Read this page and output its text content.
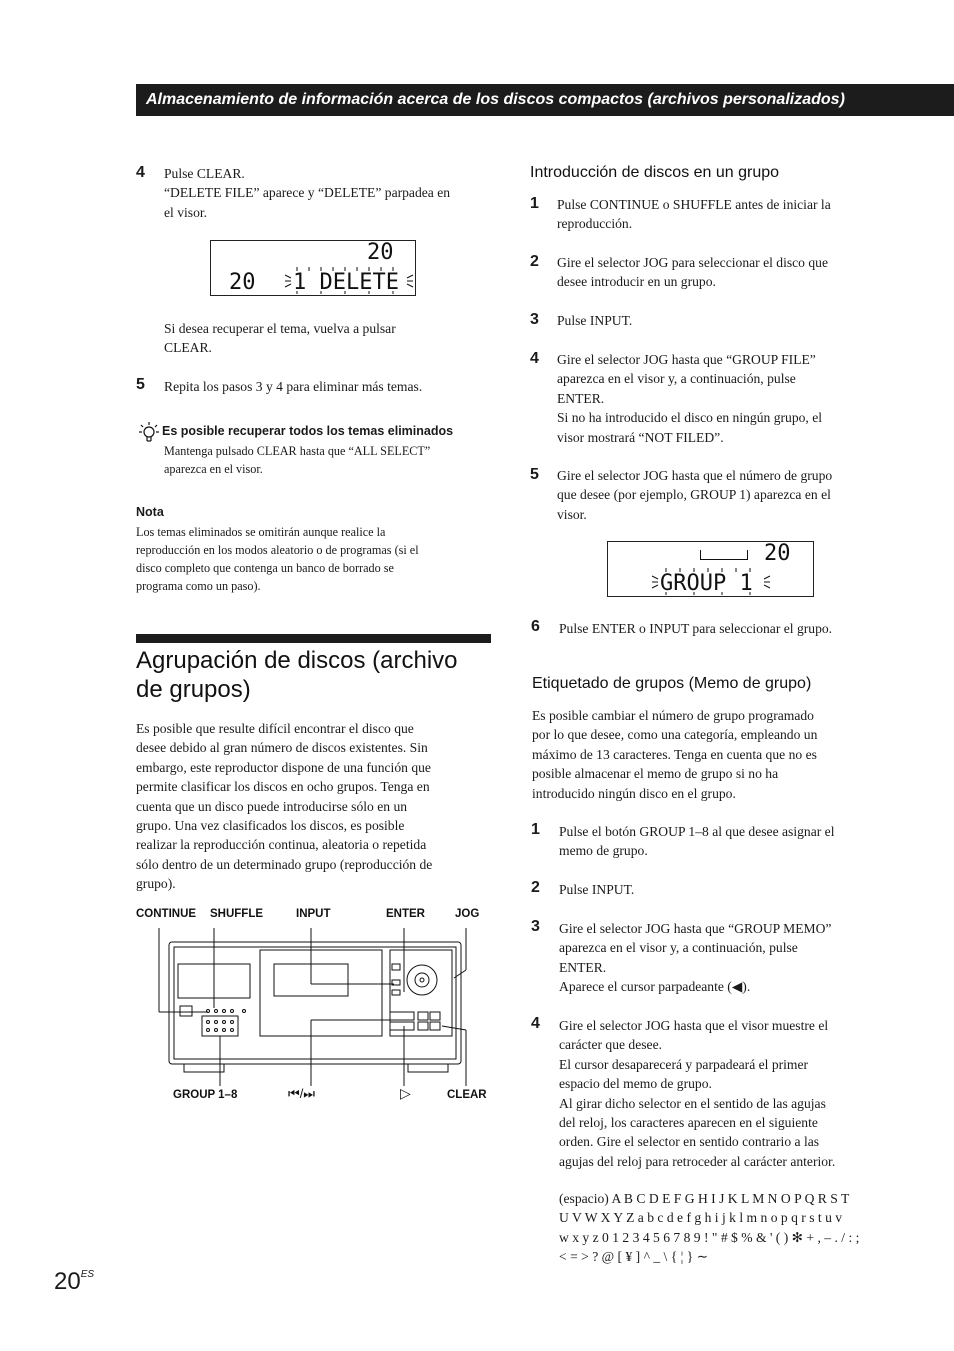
Almacenamiento de información acerca de los discos compactos (archivos personalizados)
4 Pulse CLEAR.
“DELETE FILE” aparece y “DELETE” parpadea en
el visor.
20
20 1 DELETE
Si desea recuperar el tema, vuelva a pulsar
CLEAR.
5 Repita los pasos 3 y 4 para eliminar más temas.
Es posible recuperar todos los temas eliminados
Mantenga pulsado CLEAR hasta que “ALL SELECT”
aparezca en el visor.
Nota
Los temas eliminados se omitirán aunque realice la
reproducción en los modos aleatorio o de programas (si el
disco completo que contenga un banco de borrado se
programa como un paso).
Agrupación de discos (archivo
de grupos)
Es posible que resulte difícil encontrar el disco que
desee debido al gran número de discos existentes. Sin
embargo, este reproductor dispone de una función que
permite clasificar los discos en ocho grupos. Tenga en
cuenta que un disco puede introducirse sólo en un
grupo. Una vez clasificados los discos, es posible
realizar la reproducción continua, aleatoria o repetida
sólo dentro de un determinado grupo (reproducción de
grupo).
CONTINUE SHUFFLE	INPUT	ENTER	JOG
GROUP 1–8	⏮/⏭	▷	CLEAR
Introducción de discos en un grupo
1 Pulse CONTINUE o SHUFFLE antes de iniciar la
reproducción.
2 Gire el selector JOG para seleccionar el disco que
desee introducir en un grupo.
3 Pulse INPUT.
4 Gire el selector JOG hasta que “GROUP FILE”
aparezca en el visor y, a continuación, pulse
ENTER.
Si no ha introducido el disco en ningún grupo, el
visor mostrará “NOT FILED”.
5 Gire el selector JOG hasta que el número de grupo
que desee (por ejemplo, GROUP 1) aparezca en el
visor.
20
GROUP 1
6 Pulse ENTER o INPUT para seleccionar el grupo.
Etiquetado de grupos (Memo de grupo)
Es posible cambiar el número de grupo programado
por lo que desee, como una categoría, empleando un
máximo de 13 caracteres. Tenga en cuenta que no es
posible almacenar el memo de grupo si no ha
introducido ningún disco en el grupo.
1 Pulse el botón GROUP 1–8 al que desee asignar el
memo de grupo.
2 Pulse INPUT.
3 Gire el selector JOG hasta que “GROUP MEMO”
aparezca en el visor y, a continuación, pulse
ENTER.
Aparece el cursor parpadeante (◀).
4 Gire el selector JOG hasta que el visor muestre el
carácter que desee.
El cursor desaparecerá y parpadeará el primer
espacio del memo de grupo.
Al girar dicho selector en el sentido de las agujas
del reloj, los caracteres aparecen en el siguiente
orden. Gire el selector en sentido contrario a las
agujas del reloj para retroceder al carácter anterior.
(espacio) A B C D E F G H I J K L M N O P Q R S T
U V W X Y Z a b c d e f g h i j k l m n o p q r s t u v
w x y z 0 1 2 3 4 5 6 7 8 9 ! " # $ % & ' ( ) ✻ + , – . / : ;
< = > ? @ [ ¥ ] ^ _ \ { ¦ } ∼
$20^{ES}$
